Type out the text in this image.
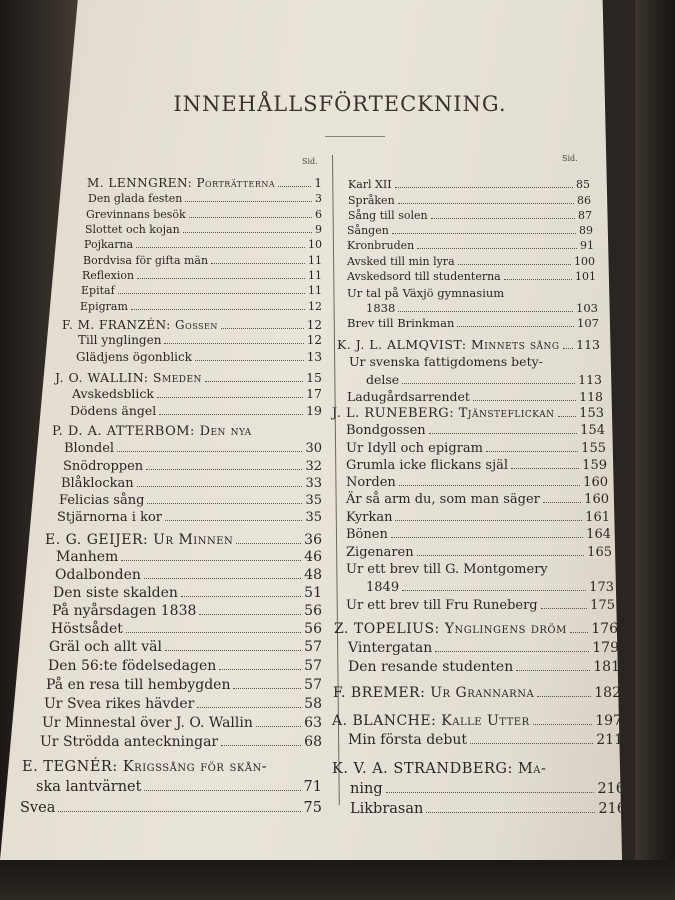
INNEHÅLLSFÖRTECKNING.
Sid.	Sid.
M. LENNGREN: Porträtterna	1
Den glada festen	3
Grevinnans besök	6
Slottet och kojan	9
Pojkarna	10
Bordvisa för gifta män	11
Reflexion	11
Epitaf	11
Epigram	12
F. M. FRANZÉN: Gossen	12
Till ynglingen	12
Glädjens ögonblick	13
J. O. WALLIN: Smeden	15
Avskedsblick	17
Dödens ängel	19
P. D. A. ATTERBOM: Den nya
Blondel	30
Snödroppen	32
Blåklockan	33
Felicias sång	35
Stjärnorna i kor	35
E. G. GEIJER: Ur Minnen	36
Manhem	46
Odalbonden	48
Den siste skalden	51
På nyårsdagen 1838	56
Höstsådet	56
Gräl och allt väl	57
Den 56:te födelsedagen	57
På en resa till hembygden	57
Ur Svea rikes hävder	58
Ur Minnestal över J. O. Wallin	63
Ur Strödda anteckningar	68
E. TEGNÉR: Krigssång för skån-
ska lantvärnet	71
Svea	75
Karl XII	85
Språken	86
Sång till solen	87
Sången	89
Kronbruden	91
Avsked till min lyra	100
Avskedsord till studenterna	101
Ur tal på Växjö gymnasium
1838	103
Brev till Brinkman	107
K. J. L. ALMQVIST: Minnets sång 113
Ur svenska fattigdomens bety-
delse	113
Ladugårdsarrendet	118
J. L. RUNEBERG: Tjänsteflickan 153
Bondgossen	154
Ur Idyll och epigram	155
Grumla icke flickans själ	159
Norden	160
Är så arm du, som man säger	160
Kyrkan	161
Bönen	164
Zigenaren	165
Ur ett brev till G. Montgomery
1849	173
Ur ett brev till Fru Runeberg	175
Z. TOPELIUS: Ynglingens dröm 176
Vintergatan	179
Den resande studenten	181
F. BREMER: Ur Grannarna	182
A. BLANCHE: Kalle Utter	197
Min första debut	211
K. V. A. STRANDBERG: Ma-
ning	216
Likbrasan	216
